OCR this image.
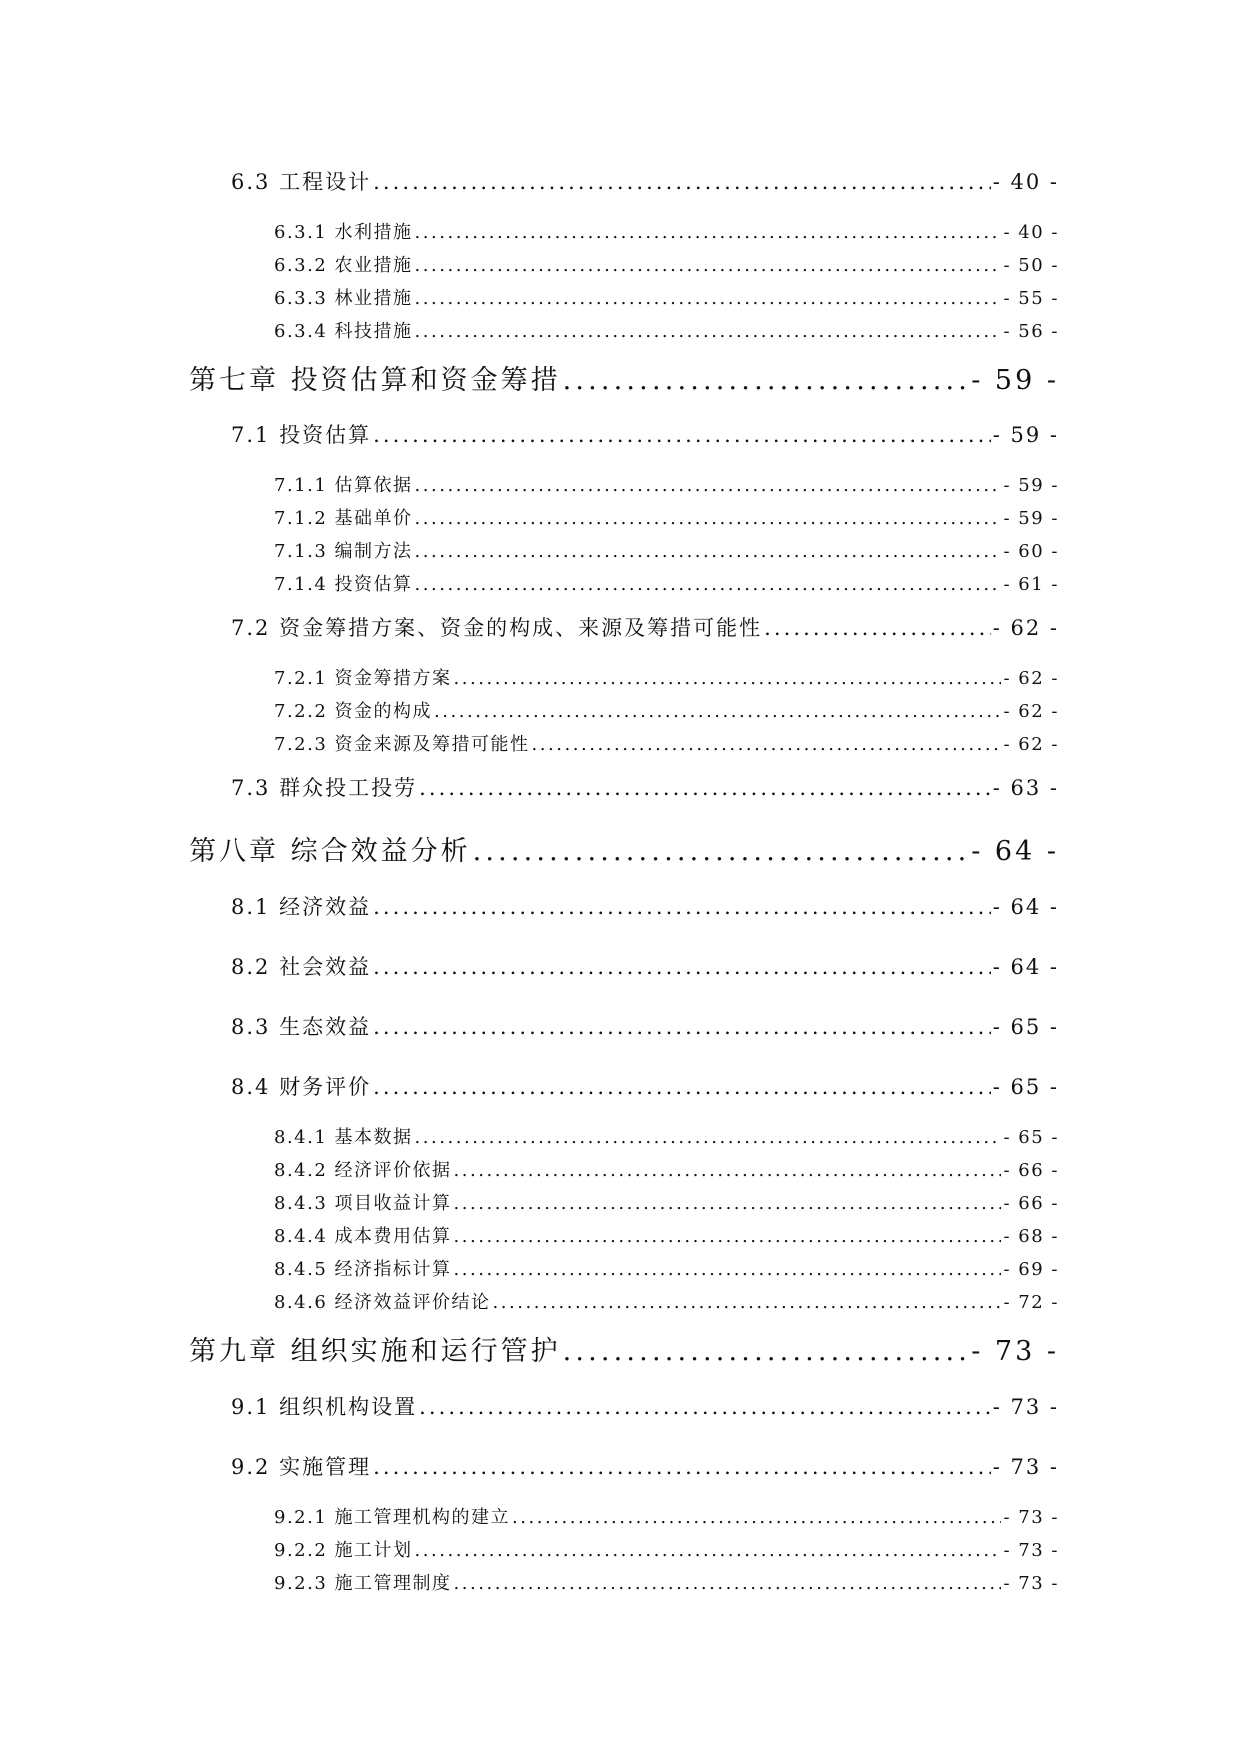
6.3 工程设计 . . .	- 40 -
6.3.1 水利措施 . . .	- 40 -
6.3.2 农业措施 . . .	- 50 -
6.3.3 林业措施 . . .	- 55 -
6.3.4 科技措施 . . .	- 56 -
第七章 投资估算和资金筹措 . . .	- 59 -
7.1 投资估算 . . .	- 59 -
7.1.1 估算依据 . . .	- 59 -
7.1.2 基础单价 . . .	- 59 -
7.1.3 编制方法 . . .	- 60 -
7.1.4 投资估算 . . .	- 61 -
7.2 资金筹措方案、资金的构成、来源及筹措可能性 . . .	- 62 -
7.2.1 资金筹措方案 . . .	- 62 -
7.2.2 资金的构成 . . .	- 62 -
7.2.3 资金来源及筹措可能性 . . .	- 62 -
7.3 群众投工投劳 . . .	- 63 -
第八章 综合效益分析 . . .	- 64 -
8.1 经济效益 . . .	- 64 -
8.2 社会效益 . . .	- 64 -
8.3 生态效益 . . .	- 65 -
8.4 财务评价 . . .	- 65 -
8.4.1 基本数据 . . .	- 65 -
8.4.2 经济评价依据 . . .	- 66 -
8.4.3 项目收益计算 . . .	- 66 -
8.4.4 成本费用估算 . . .	- 68 -
8.4.5 经济指标计算 . . .	- 69 -
8.4.6 经济效益评价结论 . . .	- 72 -
第九章 组织实施和运行管护 . . .	- 73 -
9.1 组织机构设置 . . .	- 73 -
9.2 实施管理 . . .	- 73 -
9.2.1 施工管理机构的建立 . . .	- 73 -
9.2.2 施工计划 . . .	- 73 -
9.2.3 施工管理制度 . . .	- 73 -
